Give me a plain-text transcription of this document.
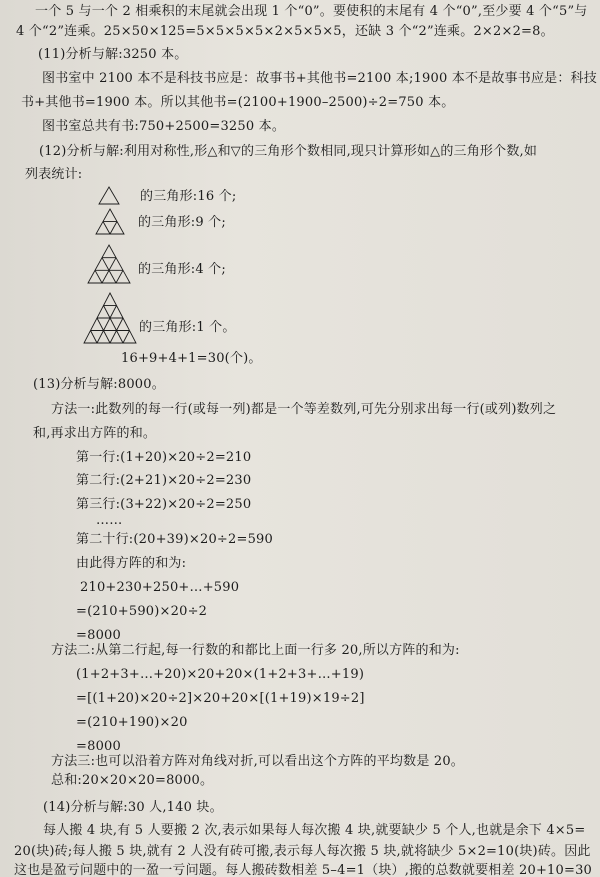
一个 5 与一个 2 相乘积的末尾就会出现 1 个“0”。要使积的末尾有 4 个“0”,至少要 4 个“5”与
4 个“2”连乘。25×50×125=5×5×5×5×2×5×5×5，还缺 3 个“2”连乘。2×2×2=8。
(11)分析与解:3250 本。
图书室中 2100 本不是科技书应是：故事书+其他书=2100 本;1900 本不是故事书应是：科技
书+其他书=1900 本。所以其他书=(2100+1900–2500)÷2=750 本。
图书室总共有书:750+2500=3250 本。
(12)分析与解:利用对称性,形△和▽的三角形个数相同,现只计算形如△的三角形个数,如
列表统计:
的三角形:16 个;
的三角形:9 个;
的三角形:4 个;
的三角形:1 个。
16+9+4+1=30(个)。
(13)分析与解:8000。
方法一:此数列的每一行(或每一列)都是一个等差数列,可先分别求出每一行(或列)数列之
和,再求出方阵的和。
第一行:(1+20)×20÷2=210
第二行:(2+21)×20÷2=230
第三行:(3+22)×20÷2=250
……
第二十行:(20+39)×20÷2=590
由此得方阵的和为:
210+230+250+…+590
=(210+590)×20÷2
=8000
方法二:从第二行起,每一行数的和都比上面一行多 20,所以方阵的和为:
(1+2+3+…+20)×20+20×(1+2+3+…+19)
=[(1+20)×20÷2]×20+20×[(1+19)×19÷2]
=(210+190)×20
=8000
方法三:也可以沿着方阵对角线对折,可以看出这个方阵的平均数是 20。
总和:20×20×20=8000。
(14)分析与解:30 人,140 块。
每人搬 4 块,有 5 人要搬 2 次,表示如果每人每次搬 4 块,就要缺少 5 个人,也就是余下 4×5=
20(块)砖;每人搬 5 块,就有 2 人没有砖可搬,表示每人每次搬 5 块,就将缺少 5×2=10(块)砖。因此
这也是盈亏问题中的一盈一亏问题。每人搬砖数相差 5–4=1（块）,搬的总数就要相差 20+10=30
